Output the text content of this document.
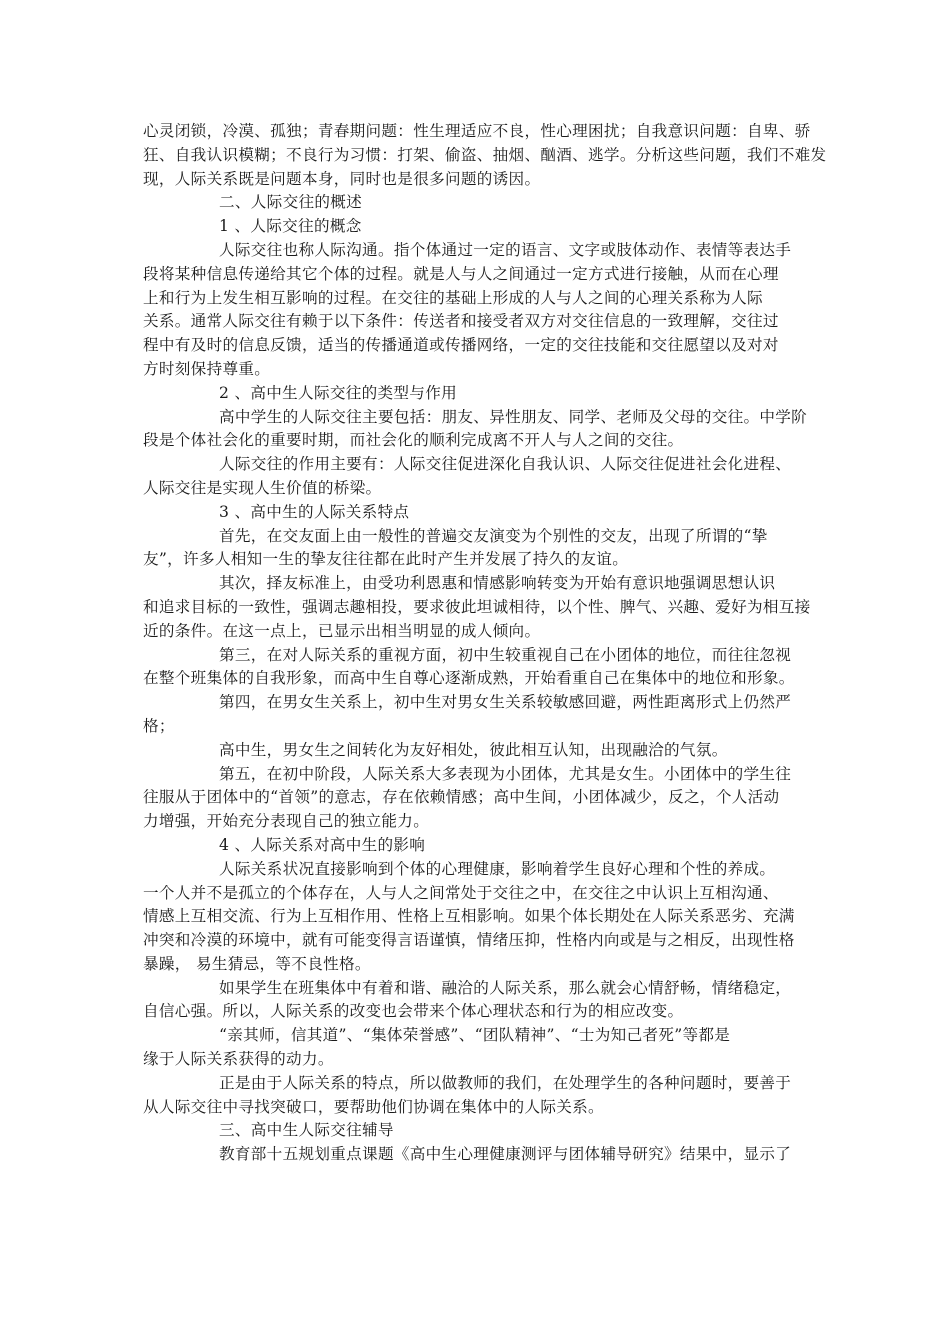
心灵闭锁，冷漠、孤独；青春期问题：性生理适应不良，性心理困扰；自我意识问题：自卑、骄
狂、自我认识模糊；不良行为习惯：打架、偷盗、抽烟、酗酒、逃学。分析这些问题，我们不难发
现，人际关系既是问题本身，同时也是很多问题的诱因。
二、人际交往的概述
1 、人际交往的概念
人际交往也称人际沟通。指个体通过一定的语言、文字或肢体动作、表情等表达手
段将某种信息传递给其它个体的过程。就是人与人之间通过一定方式进行接触，从而在心理
上和行为上发生相互影响的过程。在交往的基础上形成的人与人之间的心理关系称为人际
关系。通常人际交往有赖于以下条件：传送者和接受者双方对交往信息的一致理解，交往过
程中有及时的信息反馈，适当的传播通道或传播网络，一定的交往技能和交往愿望以及对对
方时刻保持尊重。
2 、高中生人际交往的类型与作用
高中学生的人际交往主要包括：朋友、异性朋友、同学、老师及父母的交往。中学阶
段是个体社会化的重要时期，而社会化的顺利完成离不开人与人之间的交往。
人际交往的作用主要有：人际交往促进深化自我认识、人际交往促进社会化进程、
人际交往是实现人生价值的桥梁。
3 、高中生的人际关系特点
首先，在交友面上由一般性的普遍交友演变为个别性的交友，出现了所谓的“挚
友”，许多人相知一生的挚友往往都在此时产生并发展了持久的友谊。
其次，择友标准上，由受功利恩惠和情感影响转变为开始有意识地强调思想认识
和追求目标的一致性，强调志趣相投，要求彼此坦诚相待，以个性、脾气、兴趣、爱好为相互接
近的条件。在这一点上，已显示出相当明显的成人倾向。
第三，在对人际关系的重视方面，初中生较重视自己在小团体的地位，而往往忽视
在整个班集体的自我形象，而高中生自尊心逐渐成熟，开始看重自己在集体中的地位和形象。
第四，在男女生关系上，初中生对男女生关系较敏感回避，两性距离形式上仍然严
格；
高中生，男女生之间转化为友好相处，彼此相互认知，出现融洽的气氛。
第五，在初中阶段，人际关系大多表现为小团体，尤其是女生。小团体中的学生往
往服从于团体中的“首领”的意志，存在依赖情感；高中生间，小团体减少，反之，个人活动
力增强，开始充分表现自己的独立能力。
4 、人际关系对高中生的影响
人际关系状况直接影响到个体的心理健康，影响着学生良好心理和个性的养成。
一个人并不是孤立的个体存在，人与人之间常处于交往之中，在交往之中认识上互相沟通、
情感上互相交流、行为上互相作用、性格上互相影响。如果个体长期处在人际关系恶劣、充满
冲突和冷漠的环境中，就有可能变得言语谨慎，情绪压抑，性格内向或是与之相反，出现性格
暴躁， 易生猜忌，等不良性格。
如果学生在班集体中有着和谐、融洽的人际关系，那么就会心情舒畅，情绪稳定，
自信心强。所以，人际关系的改变也会带来个体心理状态和行为的相应改变。
“亲其师，信其道”、“集体荣誉感”、“团队精神”、“士为知己者死”等都是
缘于人际关系获得的动力。
正是由于人际关系的特点，所以做教师的我们，在处理学生的各种问题时，要善于
从人际交往中寻找突破口，要帮助他们协调在集体中的人际关系。
三、高中生人际交往辅导
教育部十五规划重点课题《高中生心理健康测评与团体辅导研究》结果中，显示了
